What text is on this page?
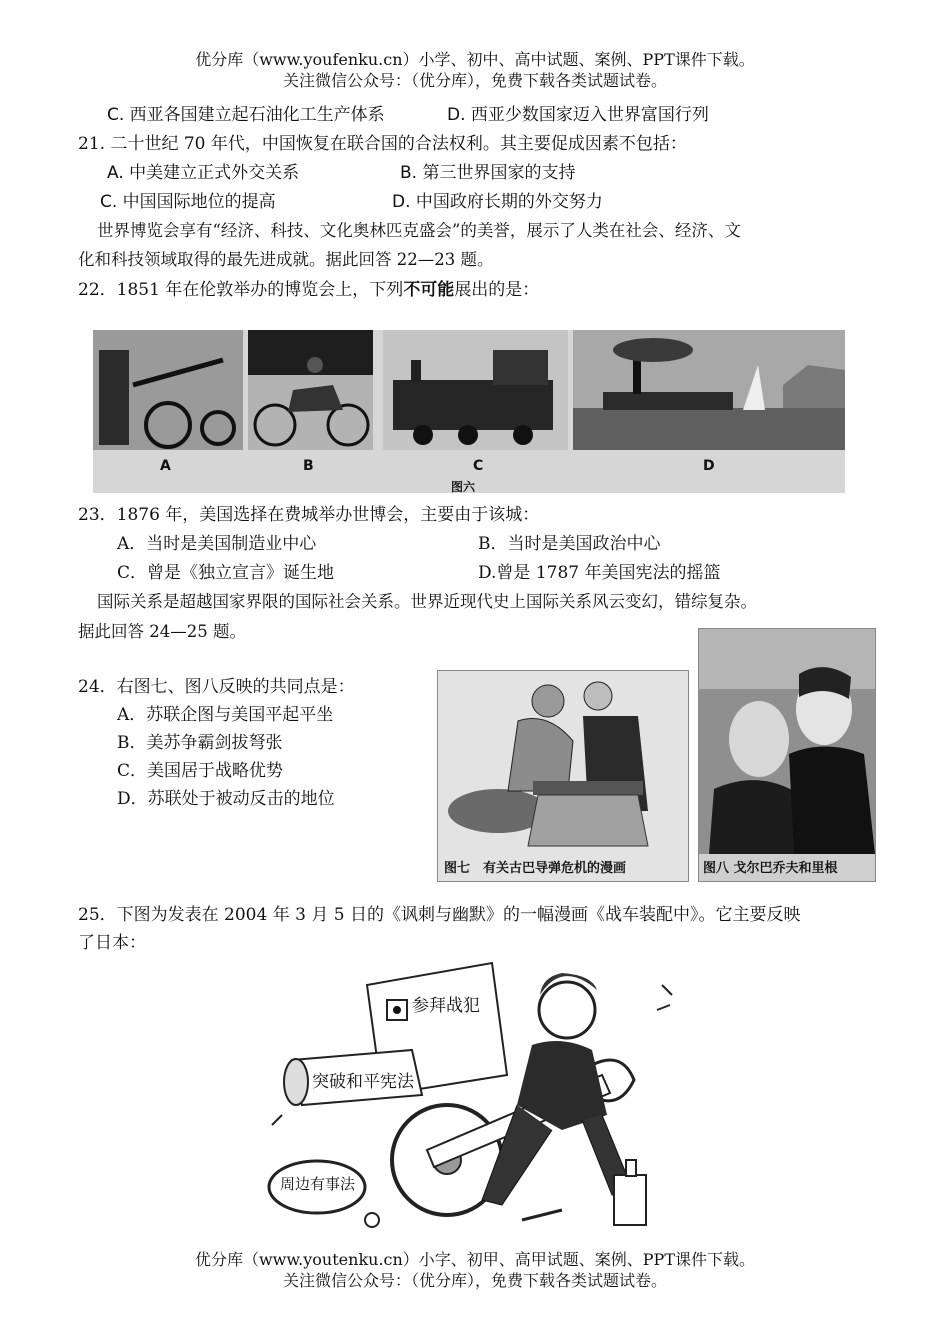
优分库（www.youfenku.cn）小学、初中、高中试题、案例、PPT课件下载。
关注微信公众号：（优分库），免费下载各类试题试卷。
C. 西亚各国建立起石油化工生产体系	D. 西亚少数国家迈入世界富国行列
21. 二十世纪 70 年代，中国恢复在联合国的合法权利。其主要促成因素不包括：
A. 中美建立正式外交关系	B. 第三世界国家的支持
C. 中国国际地位的提高	D. 中国政府长期的外交努力
世界博览会享有“经济、科技、文化奥林匹克盛会”的美誉，展示了人类在社会、经济、文
化和科技领域取得的最先进成就。据此回答 22—23 题。
22．1851 年在伦敦举办的博览会上，下列不可能展出的是：
A	B	C	D
图六
23．1876 年，美国选择在费城举办世博会，主要由于该城：
A．当时是美国制造业中心	B．当时是美国政治中心
C．曾是《独立宣言》诞生地	D.曾是 1787 年美国宪法的摇篮
国际关系是超越国家界限的国际社会关系。世界近现代史上国际关系风云变幻，错综复杂。
据此回答 24—25 题。
24．右图七、图八反映的共同点是：
A．苏联企图与美国平起平坐
B．美苏争霸剑拔弩张
C．美国居于战略优势
D．苏联处于被动反击的地位
图七　有关古巴导弹危机的漫画	图八 戈尔巴乔夫和里根
25．下图为发表在 2004 年 3 月 5 日的《讽刺与幽默》的一幅漫画《战车装配中》。它主要反映
了日本：
参拜战犯
突破和平宪法
周边有事法
优分库（www.youtenku.cn）小字、初甲、高甲试题、案例、PPT课件下载。
关注微信公众号：（优分库），免费下载各类试题试卷。
